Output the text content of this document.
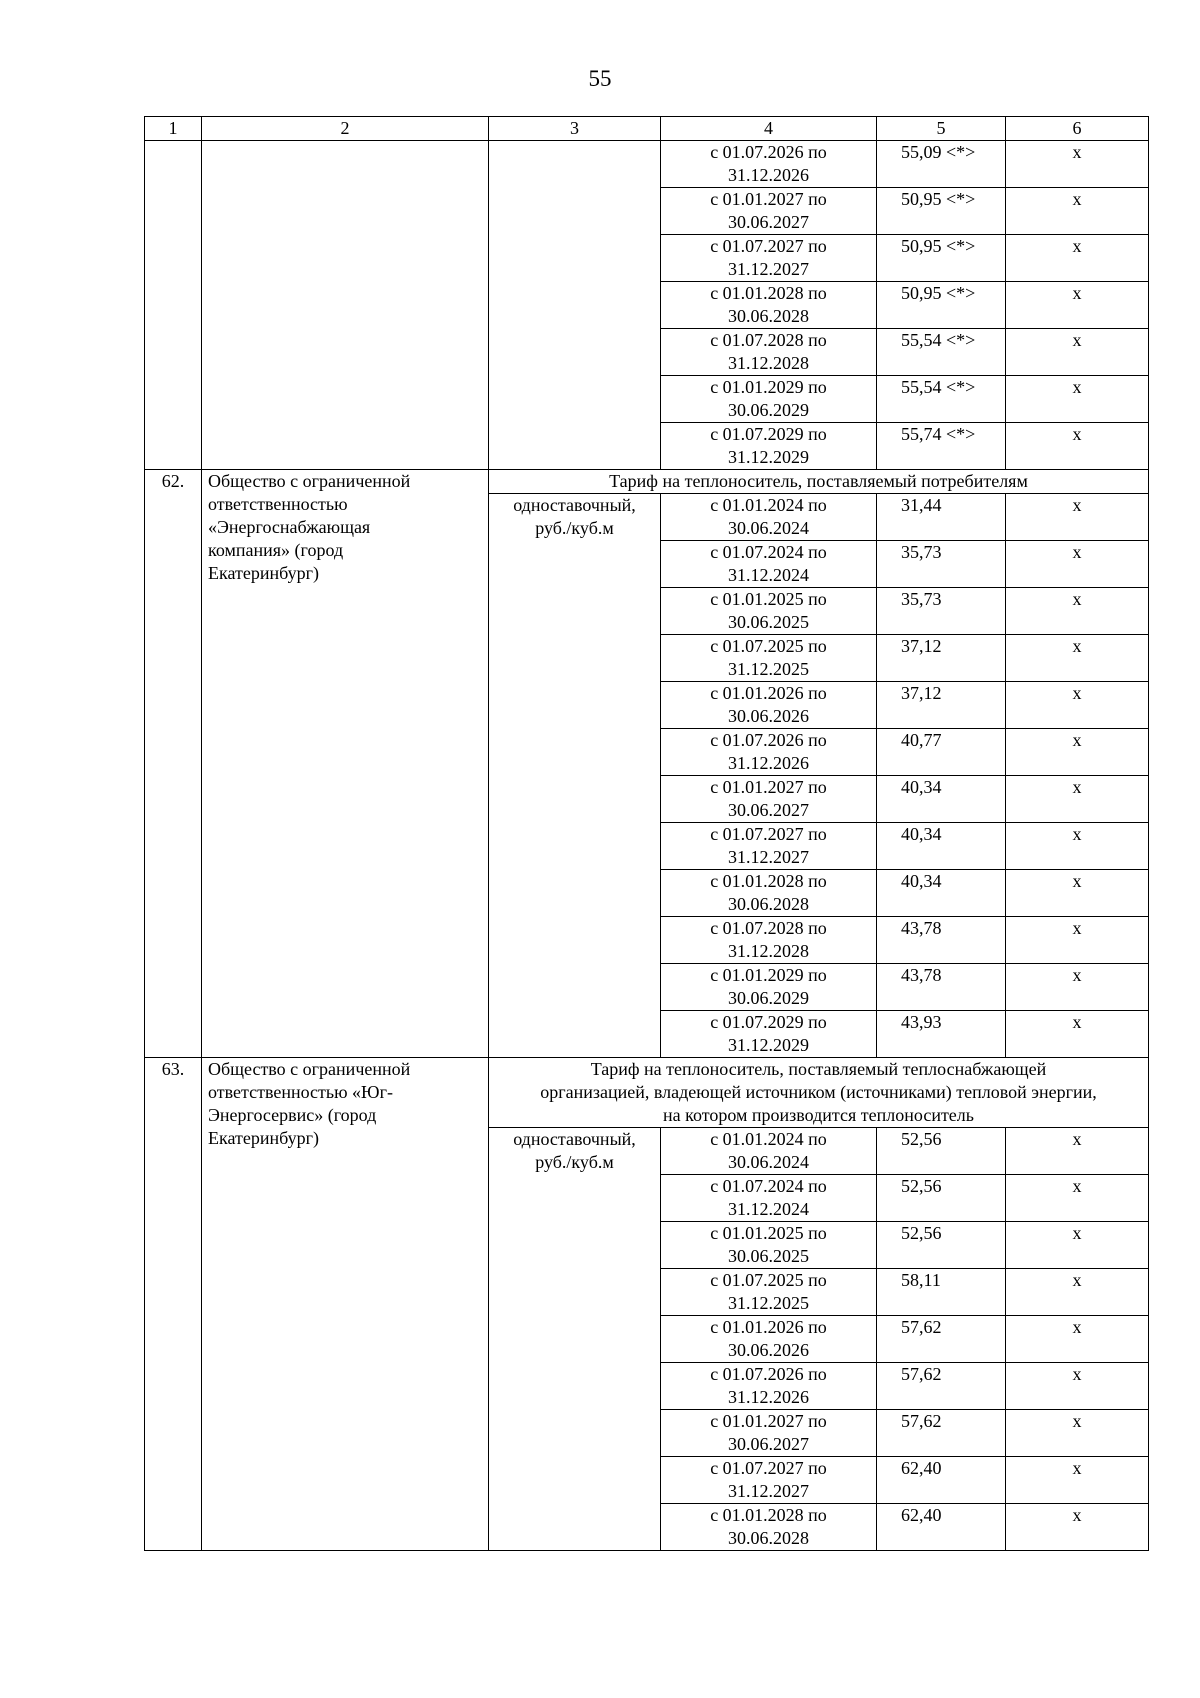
55
1	2	3	4	5	6
			с 01.07.2026 по
31.12.2026	55,09 <*>	х
			с 01.01.2027 по
30.06.2027	50,95 <*>	х
			с 01.07.2027 по
31.12.2027	50,95 <*>	х
			с 01.01.2028 по
30.06.2028	50,95 <*>	х
			с 01.07.2028 по
31.12.2028	55,54 <*>	х
			с 01.01.2029 по
30.06.2029	55,54 <*>	х
			с 01.07.2029 по
31.12.2029	55,74 <*>	х
62.	Общество с ограниченной
ответственностью
«Энергоснабжающая
компания» (город
Екатеринбург)	Тариф на теплоноситель, поставляемый потребителям			
		одноставочный,
руб./куб.м	с 01.01.2024 по
30.06.2024	31,44	х
			с 01.07.2024 по
31.12.2024	35,73	х
			с 01.01.2025 по
30.06.2025	35,73	х
			с 01.07.2025 по
31.12.2025	37,12	х
			с 01.01.2026 по
30.06.2026	37,12	х
			с 01.07.2026 по
31.12.2026	40,77	х
			с 01.01.2027 по
30.06.2027	40,34	х
			с 01.07.2027 по
31.12.2027	40,34	х
			с 01.01.2028 по
30.06.2028	40,34	х
			с 01.07.2028 по
31.12.2028	43,78	х
			с 01.01.2029 по
30.06.2029	43,78	х
			с 01.07.2029 по
31.12.2029	43,93	х
63.	Общество с ограниченной
ответственностью «Юг-
Энергосервис» (город
Екатеринбург)	Тариф на теплоноситель, поставляемый теплоснабжающей
организацией, владеющей источником (источниками) тепловой энергии,
на котором производится теплоноситель			
		одноставочный,
руб./куб.м	с 01.01.2024 по
30.06.2024	52,56	х
			с 01.07.2024 по
31.12.2024	52,56	х
			с 01.01.2025 по
30.06.2025	52,56	х
			с 01.07.2025 по
31.12.2025	58,11	х
			с 01.01.2026 по
30.06.2026	57,62	х
			с 01.07.2026 по
31.12.2026	57,62	х
			с 01.01.2027 по
30.06.2027	57,62	х
			с 01.07.2027 по
31.12.2027	62,40	х
			с 01.01.2028 по
30.06.2028	62,40	х
